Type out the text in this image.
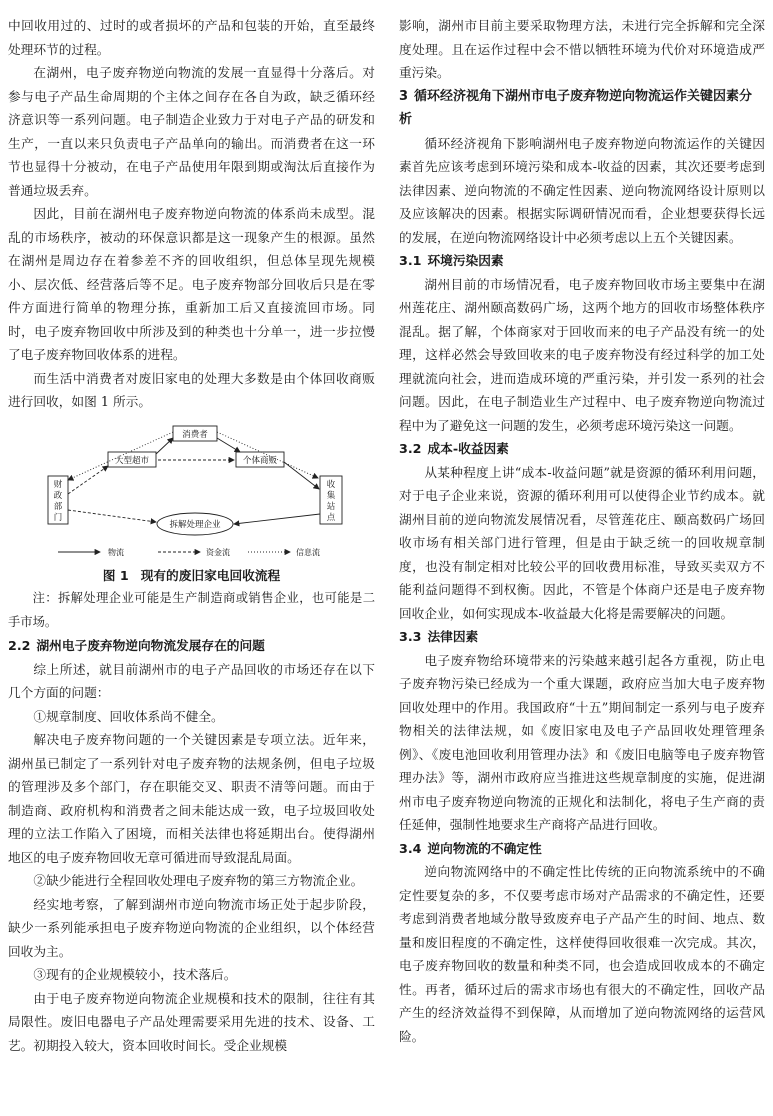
中回收用过的、过时的或者损坏的产品和包装的开始，直至最终处理环节的过程。

在湖州，电子废弃物逆向物流的发展一直显得十分落后。对参与电子产品生命周期的个主体之间存在各自为政，缺乏循环经济意识等一系列问题。电子制造企业致力于对电子产品的研发和生产，一直以来只负责电子产品单向的输出。而消费者在这一环节也显得十分被动，在电子产品使用年限到期或淘汰后直接作为普通垃圾丢弃。

因此，目前在湖州电子废弃物逆向物流的体系尚未成型。混乱的市场秩序，被动的环保意识都是这一现象产生的根源。虽然在湖州是周边存在着参差不齐的回收组织，但总体呈现先规模小、层次低、经营落后等不足。电子废弃物部分回收后只是在零件方面进行简单的物理分拣，重新加工后又直接流回市场。同时，电子废弃物回收中所涉及到的种类也十分单一，进一步拉慢了电子废弃物回收体系的进程。

而生活中消费者对废旧家电的处理大多数是由个体回收商贩进行回收，如图 1 所示。

消费者
大型超市	个体商贩
财政部门
收集站点
拆解处理企业
物流	资金流	信息流
图 1 现有的废旧家电回收流程

注：拆解处理企业可能是生产制造商或销售企业，也可能是二手市场。

2.2 湖州电子废弃物逆向物流发展存在的问题

综上所述，就目前湖州市的电子产品回收的市场还存在以下几个方面的问题：

①规章制度、回收体系尚不健全。

解决电子废弃物问题的一个关键因素是专项立法。近年来，湖州虽已制定了一系列针对电子废弃物的法规条例，但电子垃圾的管理涉及多个部门，存在职能交叉、职责不清等问题。而由于制造商、政府机构和消费者之间未能达成一致，电子垃圾回收处理的立法工作陷入了困境，而相关法律也将延期出台。使得湖州地区的电子废弃物回收无章可循进而导致混乱局面。

②缺少能进行全程回收处理电子废弃物的第三方物流企业。

经实地考察，了解到湖州市逆向物流市场正处于起步阶段，缺少一系列能承担电子废弃物逆向物流的企业组织，以个体经营回收为主。

③现有的企业规模较小，技术落后。

由于电子废弃物逆向物流企业规模和技术的限制，往往有其局限性。废旧电器电子产品处理需要采用先进的技术、设备、工艺。初期投入较大，资本回收时间长。受企业规模

影响，湖州市目前主要采取物理方法，未进行完全拆解和完全深度处理。且在运作过程中会不惜以牺牲环境为代价对环境造成严重污染。

3 循环经济视角下湖州市电子废弃物逆向物流运作关键因素分析

循环经济视角下影响湖州电子废弃物逆向物流运作的关键因素首先应该考虑到环境污染和成本-收益的因素，其次还要考虑到法律因素、逆向物流的不确定性因素、逆向物流网络设计原则以及应该解决的因素。根据实际调研情况而看，企业想要获得长远的发展，在逆向物流网络设计中必须考虑以上五个关键因素。

3.1 环境污染因素

湖州目前的市场情况看，电子废弃物回收市场主要集中在湖州莲花庄、湖州颐高数码广场，这两个地方的回收市场整体秩序混乱。据了解，个体商家对于回收而来的电子产品没有统一的处理，这样必然会导致回收来的电子废弃物没有经过科学的加工处理就流向社会，进而造成环境的严重污染，并引发一系列的社会问题。因此，在电子制造业生产过程中、电子废弃物逆向物流过程中为了避免这一问题的发生，必须考虑环境污染这一问题。

3.2 成本-收益因素

从某种程度上讲“成本-收益问题”就是资源的循环利用问题，对于电子企业来说，资源的循环利用可以使得企业节约成本。就湖州目前的逆向物流发展情况看，尽管莲花庄、颐高数码广场回收市场有相关部门进行管理，但是由于缺乏统一的回收规章制度，也没有制定相对比较公平的回收费用标准，导致买卖双方不能利益问题得不到权衡。因此，不管是个体商户还是电子废弃物回收企业，如何实现成本-收益最大化将是需要解决的问题。

3.3 法律因素

电子废弃物给环境带来的污染越来越引起各方重视，防止电子废弃物污染已经成为一个重大课题，政府应当加大电子废弃物回收处理中的作用。我国政府“十五”期间制定一系列与电子废弃物相关的法律法规，如《废旧家电及电子产品回收处理管理条例》、《废电池回收利用管理办法》和《废旧电脑等电子废弃物管理办法》等，湖州市政府应当推进这些规章制度的实施，促进湖州市电子废弃物逆向物流的正规化和法制化，将电子生产商的责任延伸，强制性地要求生产商将产品进行回收。

3.4 逆向物流的不确定性

逆向物流网络中的不确定性比传统的正向物流系统中的不确定性要复杂的多，不仅要考虑市场对产品需求的不确定性，还要考虑到消费者地域分散导致废弃电子产品产生的时间、地点、数量和废旧程度的不确定性，这样使得回收很难一次完成。其次，电子废弃物回收的数量和种类不同，也会造成回收成本的不确定性。再者，循环过后的需求市场也有很大的不确定性，回收产品产生的经济效益得不到保障，从而增加了逆向物流网络的运营风险。
